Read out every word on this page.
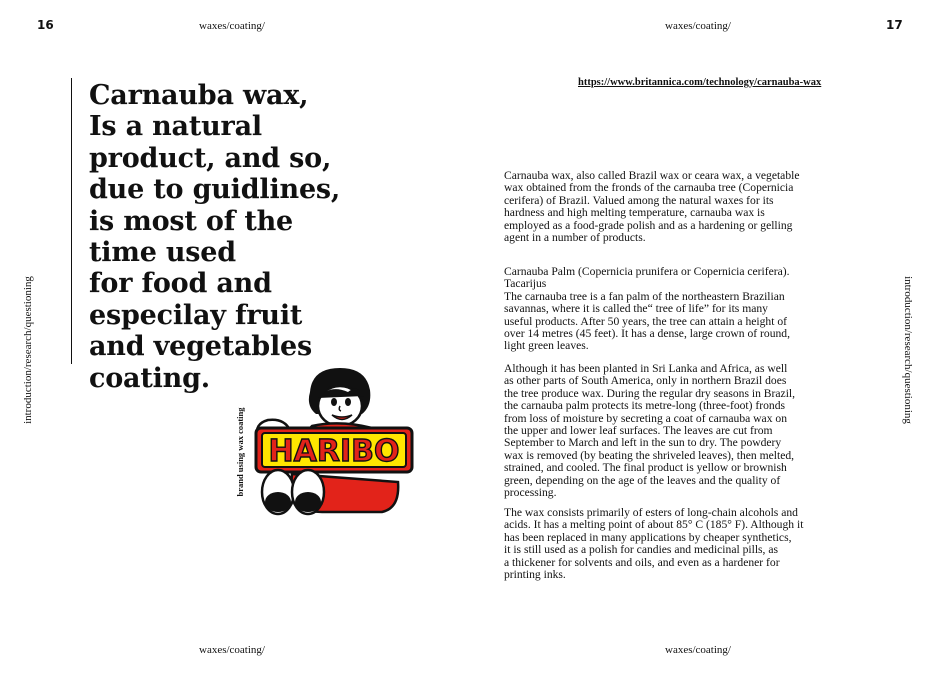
16	waxes/coating/
waxes/coating/
introduction/research/questioning
Carnauba wax,
Is a natural
product, and so,
due to guidlines,
is most of the
time used
for food and
especilay fruit
and vegetables
coating.
brand using wax coating HARIBO
17
waxes/coating/
waxes/coating/
introduction/research/questioning
https://www.britannica.com/technology/carnauba-wax

Carnauba wax, also called Brazil wax or ceara wax, a vegetable
wax obtained from the fronds of the carnauba tree (Copernicia
cerifera) of Brazil. Valued among the natural waxes for its
hardness and high melting temperature, carnauba wax is
employed as a food-grade polish and as a hardening or gelling
agent in a number of products.

Carnauba Palm (Copernicia prunifera or Copernicia cerifera).
Tacarijus
The carnauba tree is a fan palm of the northeastern Brazilian
savannas, where it is called the“ tree of life” for its many
useful products. After 50 years, the tree can attain a height of
over 14 metres (45 feet). It has a dense, large crown of round,
light green leaves.

Although it has been planted in Sri Lanka and Africa, as well
as other parts of South America, only in northern Brazil does
the tree produce wax. During the regular dry seasons in Brazil,
the carnauba palm protects its metre-long (three-foot) fronds
from loss of moisture by secreting a coat of carnauba wax on
the upper and lower leaf surfaces. The leaves are cut from
September to March and left in the sun to dry. The powdery
wax is removed (by beating the shriveled leaves), then melted,
strained, and cooled. The final product is yellow or brownish
green, depending on the age of the leaves and the quality of
processing.

The wax consists primarily of esters of long-chain alcohols and
acids. It has a melting point of about 85° C (185° F). Although it
has been replaced in many applications by cheaper synthetics,
it is still used as a polish for candies and medicinal pills, as
a thickener for solvents and oils, and even as a hardener for
printing inks.
